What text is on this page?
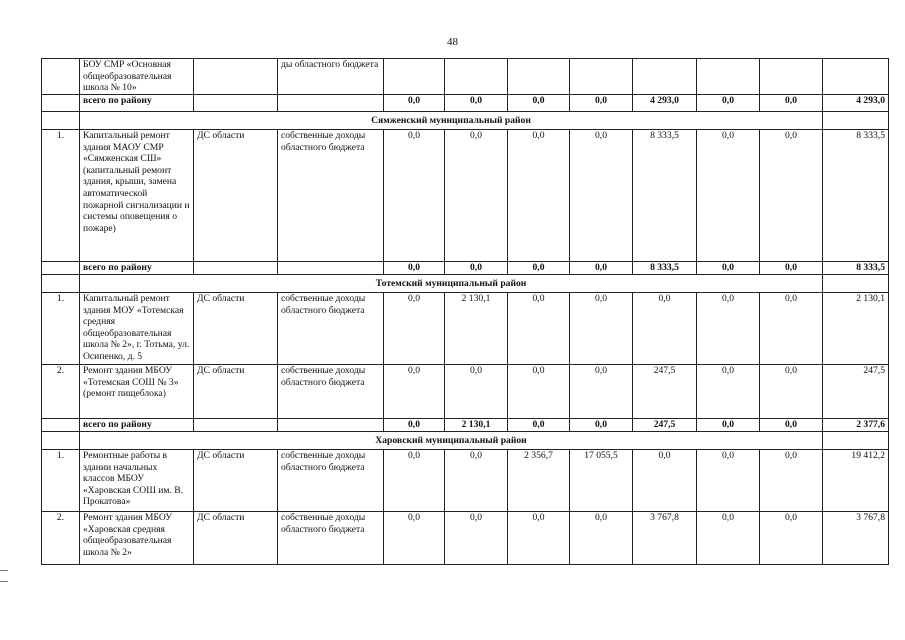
48
	БОУ СМР «Основная общеобразовательная школа № 10»		ды областного бюджета								
	всего по району			0,0	0,0	0,0	0,0	4 293,0	0,0	0,0	4 293,0
	Сямженский муниципальный район										
1.	Капитальный ремонт здания МАОУ СМР «Сямженская СШ» (капитальный ремонт здания, крыши, замена автоматической пожарной сигнализации и системы оповещения о пожаре)	ДС области	собственные доходы областного бюджета	0,0	0,0	0,0	0,0	8 333,5	0,0	0,0	8 333,5
	всего по району			0,0	0,0	0,0	0,0	8 333,5	0,0	0,0	8 333,5
	Тотемский муниципальный район										
1.	Капитальный ремонт здания МОУ «Тотемская средняя общеобразовательная школа № 2», г. Тотьма, ул. Осипенко, д. 5	ДС области	собственные доходы областного бюджета	0,0	2 130,1	0,0	0,0	0,0	0,0	0,0	2 130,1
2.	Ремонт здания МБОУ «Тотемская СОШ № 3» (ремонт пищеблока)	ДС области	собственные доходы областного бюджета	0,0	0,0	0,0	0,0	247,5	0,0	0,0	247,5
	всего по району			0,0	2 130,1	0,0	0,0	247,5	0,0	0,0	2 377,6
	Харовский муниципальный район										
1.	Ремонтные работы в здании начальных классов МБОУ «Харовская СОШ им. В. Прокатова»	ДС области	собственные доходы областного бюджета	0,0	0,0	2 356,7	17 055,5	0,0	0,0	0,0	19 412,2
2.	Ремонт здания МБОУ «Харовская средняя общеобразовательная школа № 2»	ДС области	собственные доходы областного бюджета	0,0	0,0	0,0	0,0	3 767,8	0,0	0,0	3 767,8
